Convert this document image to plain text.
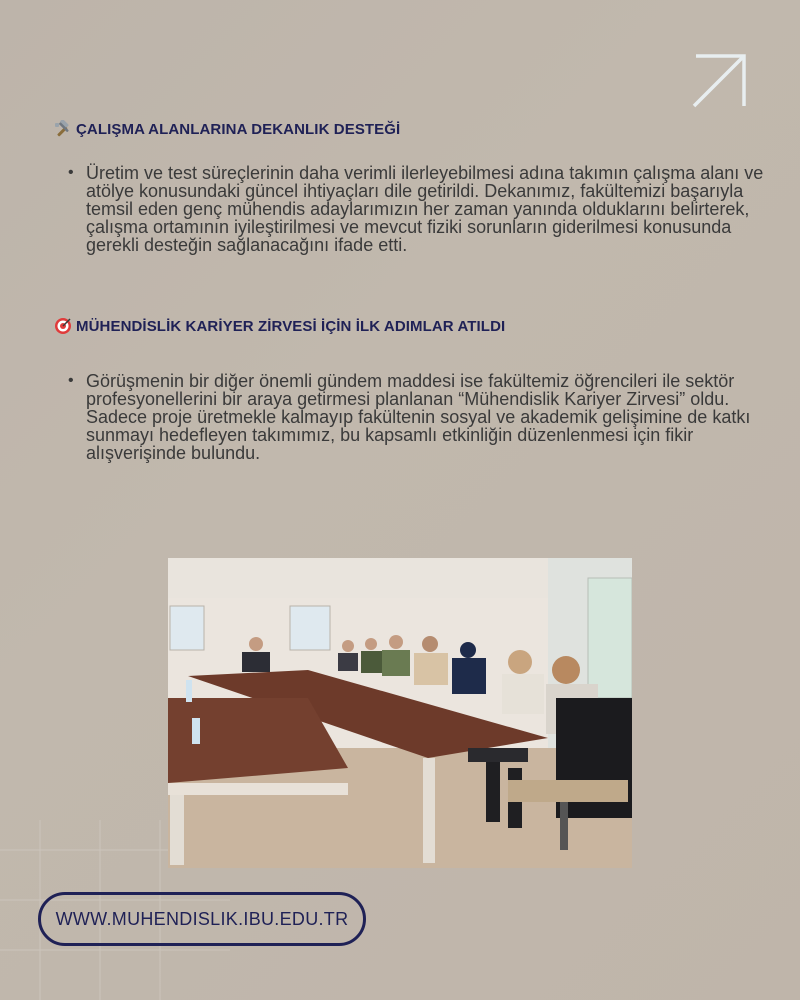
ÇALIŞMA ALANLARINA DEKANLIK DESTEĞİ
• Üretim ve test süreçlerinin daha verimli ilerleyebilmesi adına takımın çalışma alanı ve atölye konusundaki güncel ihtiyaçları dile getirildi. Dekanımız, fakültemizi başarıyla temsil eden genç mühendis adaylarımızın her zaman yanında olduklarını belirterek, çalışma ortamının iyileştirilmesi ve mevcut fiziki sorunların giderilmesi konusunda gerekli desteğin sağlanacağını ifade etti.
MÜHENDİSLİK KARİYER ZİRVESİ İÇİN İLK ADIMLAR ATILDI
• Görüşmenin bir diğer önemli gündem maddesi ise fakültemiz öğrencileri ile sektör profesyonellerini bir araya getirmesi planlanan “Mühendislik Kariyer Zirvesi” oldu. Sadece proje üretmekle kalmayıp fakültenin sosyal ve akademik gelişimine de katkı sunmayı hedefleyen takımımız, bu kapsamlı etkinliğin düzenlenmesi için fikir alışverişinde bulundu.
WWW.MUHENDISLIK.IBU.EDU.TR
